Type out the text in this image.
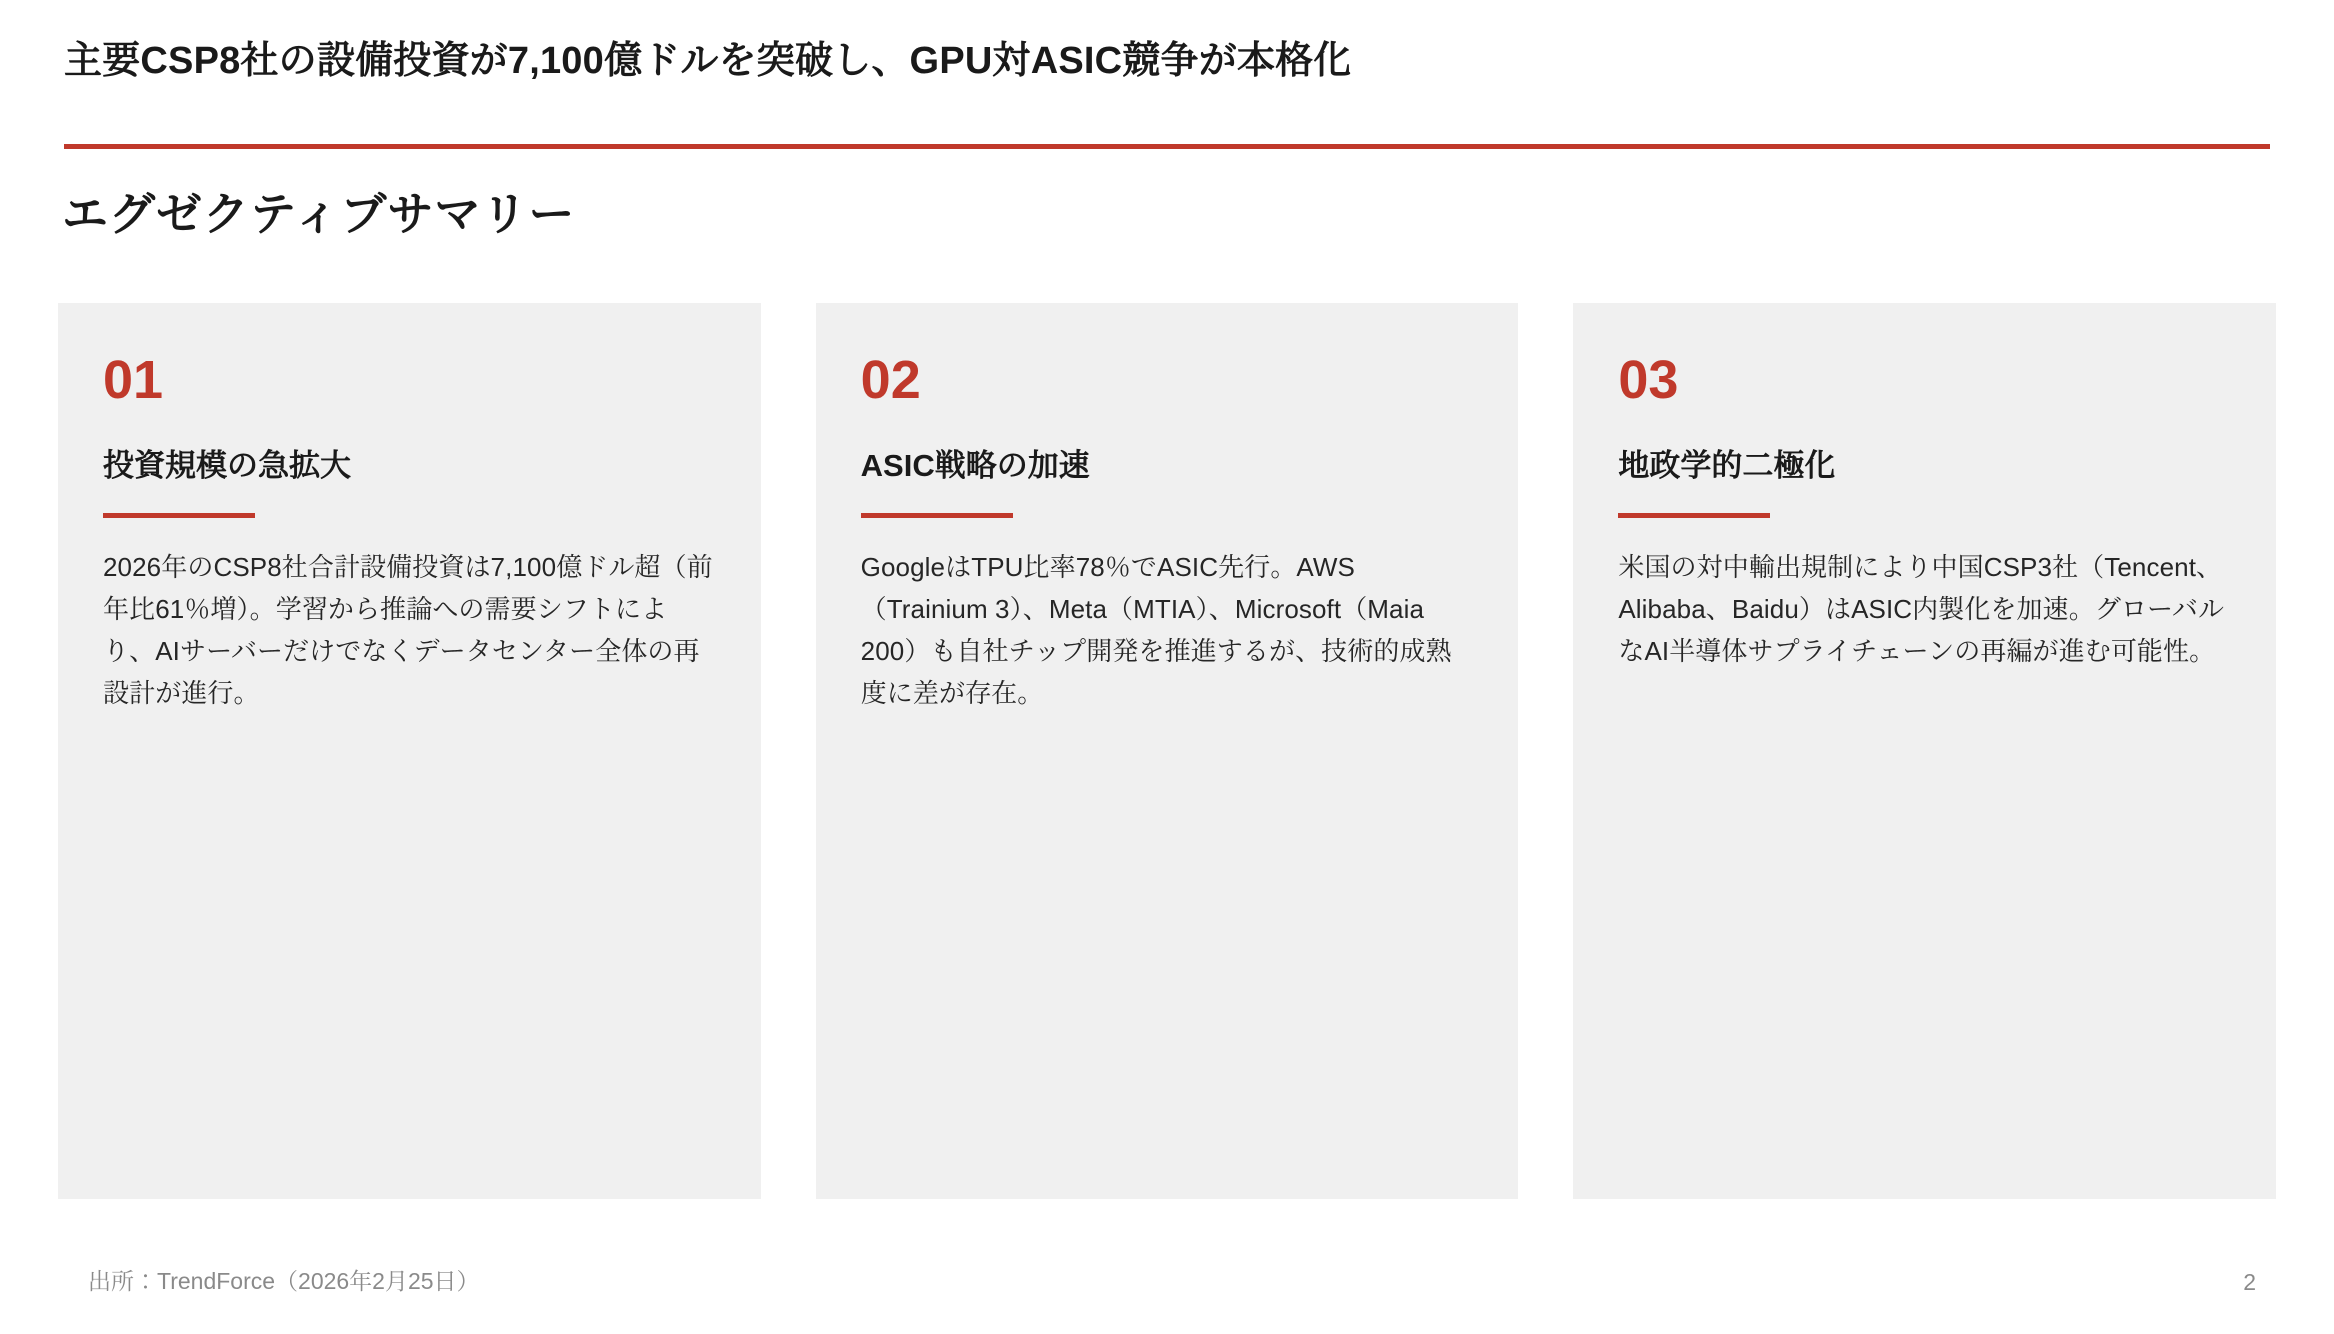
主要CSP8社の設備投資が7,100億ドルを突破し、GPU対ASIC競争が本格化
エグゼクティブサマリー
01
投資規模の急拡大
2026年のCSP8社合計設備投資は7,100億ドル超（前年比61％増）。学習から推論への需要シフトにより、AIサーバーだけでなくデータセンター全体の再設計が進行。
02
ASIC戦略の加速
GoogleはTPU比率78％でASIC先行。AWS（Trainium 3）、Meta（MTIA）、Microsoft（Maia 200）も自社チップ開発を推進するが、技術的成熟度に差が存在。
03
地政学的二極化
米国の対中輸出規制により中国CSP3社（Tencent、Alibaba、Baidu）はASIC内製化を加速。グローバルなAI半導体サプライチェーンの再編が進む可能性。
出所：TrendForce（2026年2月25日）	2
